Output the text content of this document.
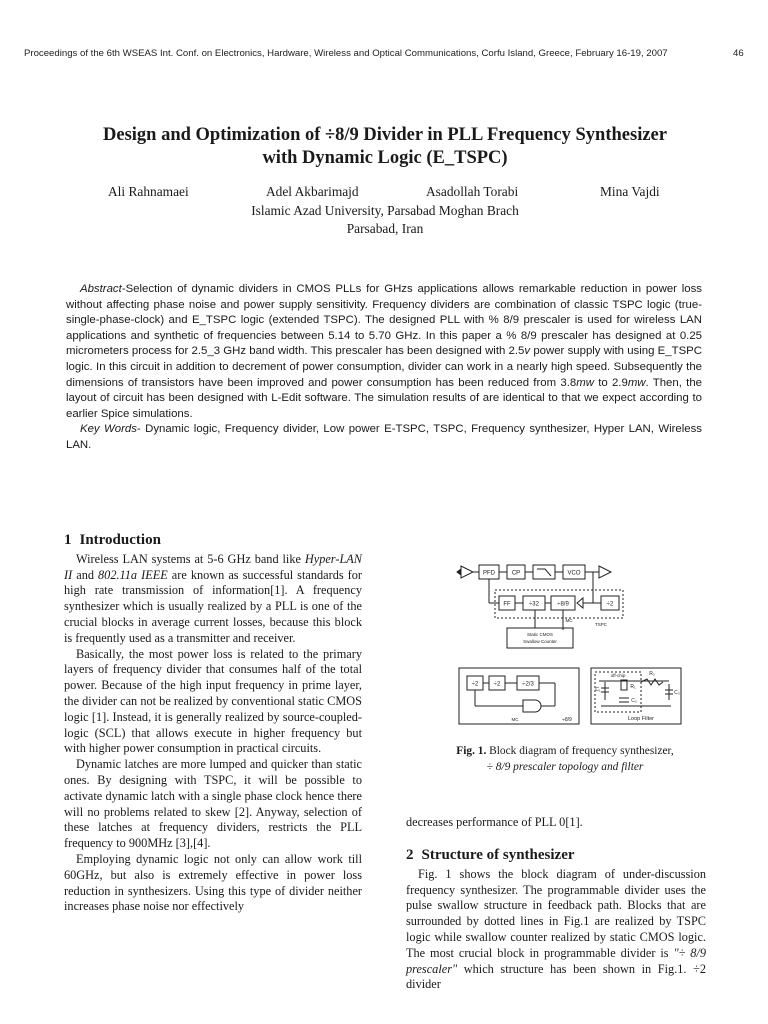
Proceedings of the 6th WSEAS Int. Conf. on Electronics, Hardware, Wireless and Optical Communications, Corfu Island, Greece, February 16-19, 2007	46
Design and Optimization of ÷8/9 Divider in PLL Frequency Synthesizer
with Dynamic Logic (E_TSPC)
Ali Rahnamaei	Adel Akbarimajd	Asadollah Torabi	Mina Vajdi
Islamic Azad University, Parsabad Moghan Brach
Parsabad, Iran

Abstract-Selection of dynamic dividers in CMOS PLLs for GHzs applications allows remarkable reduction in power loss without affecting phase noise and power supply sensitivity. Frequency dividers are combination of classic TSPC logic (true-single-phase-clock) and E_TSPC logic (extended TSPC). The designed PLL with % 8/9 prescaler is used for wireless LAN applications and synthetic of frequencies between 5.14 to 5.70 GHz. In this paper a % 8/9 prescaler has designed at 0.25 micrometers process for 2.5_3 GHz band width. This prescaler has been designed with 2.5v power supply with using E_TSPC logic. In this circuit in addition to decrement of power consumption, divider can work in a nearly high speed. Subsequently the dimensions of transistors have been improved and power consumption has been reduced from 3.8mw to 2.9mw. Then, the layout of circuit has been designed with L-Edit software. The simulation results of are identical to that we expect according to earlier Spice simulations.

Key Words- Dynamic logic, Frequency divider, Low power E-TSPC, TSPC, Frequency synthesizer, Hyper LAN, Wireless LAN.

1 Introduction

Wireless LAN systems at 5-6 GHz band like Hyper-LAN II and 802.11a IEEE are known as successful standards for high rate transmission of information[1]. A frequency synthesizer which is usually realized by a PLL is one of the crucial blocks in average current losses, because this block is frequently used as a transmitter and receiver.

Basically, the most power loss is related to the primary layers of frequency divider that consumes half of the total power. Because of the high input frequency in prime layer, the divider can not be realized by conventional static CMOS logic [1]. Instead, it is generally realized by source-coupled-logic (SCL) that allows execute in higher frequency but with higher power consumption in practical circuits.

Dynamic latches are more lumped and quicker than static ones. By designing with TSPC, it will be possible to activate dynamic latch with a single phase clock hence there will no problems related to skew [2]. Anyway, selection of these latches at frequency dividers, restricts the PLL frequency to 900MHz [3],[4].

Employing dynamic logic not only can allow work till 60GHz, but also is extremely effective in power loss reduction in synthesizers. Using this type of divider neither increases phase noise nor effectively

PFD	CP	VCO
FF	÷32	÷8/9	÷2
MC
TSPC
Static CMOS
Swallow Counter
÷2	÷2	÷2/3
MC	÷8/9
off-chip	R₂
C₁	R₁
C₃
C₂
Loop Filter
Fig. 1. Block diagram of frequency synthesizer,
÷ 8/9 prescaler topology and filter
decreases performance of PLL 0[1].
2 Structure of synthesizer

Fig. 1 shows the block diagram of under-discussion frequency synthesizer. The programmable divider uses the pulse swallow structure in feedback path. Blocks that are surrounded by dotted lines in Fig.1 are realized by TSPC logic while swallow counter realized by static CMOS logic. The most crucial block in programmable divider is "÷ 8/9 prescaler" which structure has been shown in Fig.1. ÷2 divider
